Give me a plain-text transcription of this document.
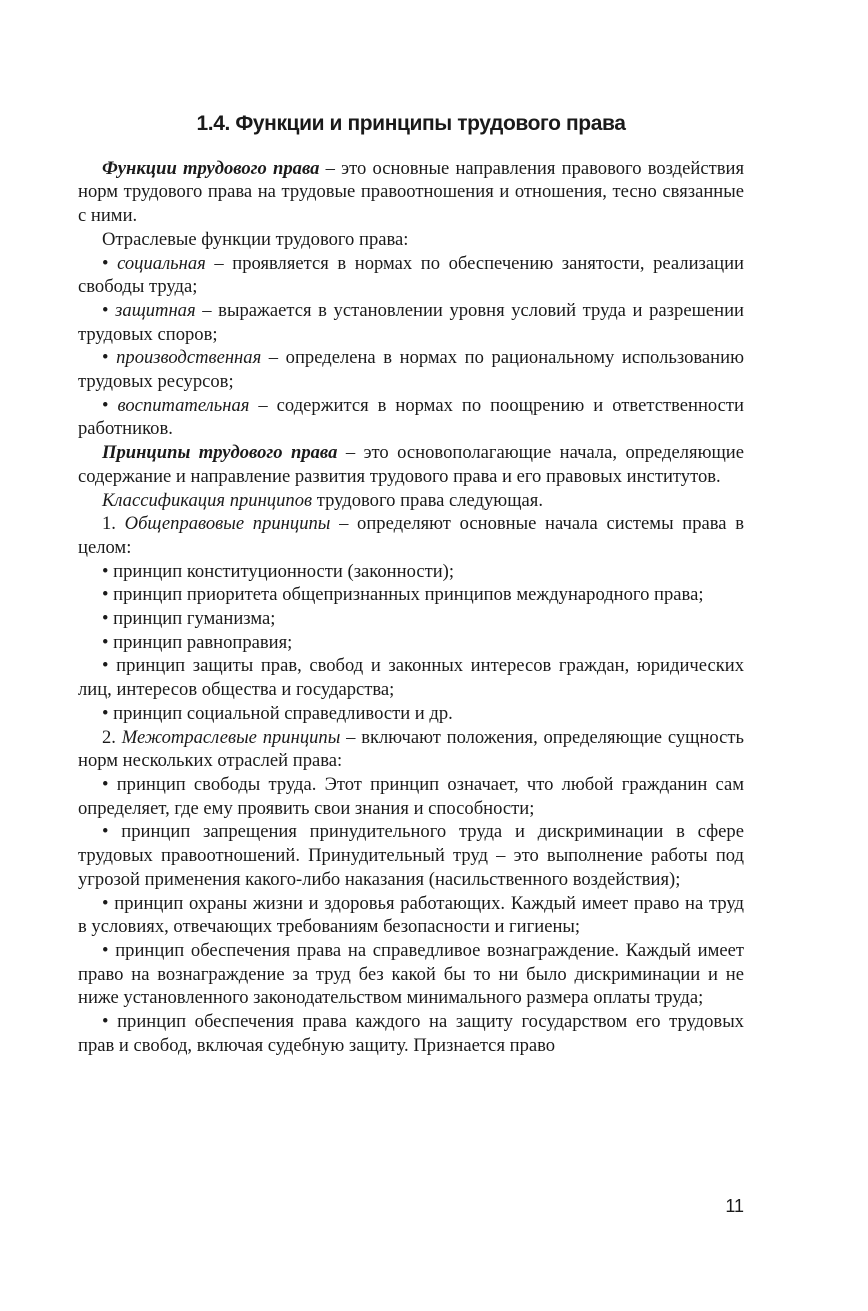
1.4. Функции и принципы трудового права

Функции трудового права – это основные направления правового воздействия норм трудового права на трудовые правоотношения и отношения, тесно связанные с ними.

Отраслевые функции трудового права:

• социальная – проявляется в нормах по обеспечению занятости, реализации свободы труда;

• защитная – выражается в установлении уровня условий труда и разрешении трудовых споров;

• производственная – определена в нормах по рациональному использованию трудовых ресурсов;

• воспитательная – содержится в нормах по поощрению и ответственности работников.

Принципы трудового права – это основополагающие начала, определяющие содержание и направление развития трудового права и его правовых институтов.

Классификация принципов трудового права следующая.

1. Общеправовые принципы – определяют основные начала системы права в целом:

• принцип конституционности (законности);

• принцип приоритета общепризнанных принципов международного права;

• принцип гуманизма;

• принцип равноправия;

• принцип защиты прав, свобод и законных интересов граждан, юридических лиц, интересов общества и государства;

• принцип социальной справедливости и др.

2. Межотраслевые принципы – включают положения, определяющие сущность норм нескольких отраслей права:

• принцип свободы труда. Этот принцип означает, что любой гражданин сам определяет, где ему проявить свои знания и способности;

• принцип запрещения принудительного труда и дискриминации в сфере трудовых правоотношений. Принудительный труд – это выполнение работы под угрозой применения какого-либо наказания (насильственного воздействия);

• принцип охраны жизни и здоровья работающих. Каждый имеет право на труд в условиях, отвечающих требованиям безопасности и гигиены;

• принцип обеспечения права на справедливое вознаграждение. Каждый имеет право на вознаграждение за труд без какой бы то ни было дискриминации и не ниже установленного законодательством минимального размера оплаты труда;

• принцип обеспечения права каждого на защиту государством его трудовых прав и свобод, включая судебную защиту. Признается право

11
